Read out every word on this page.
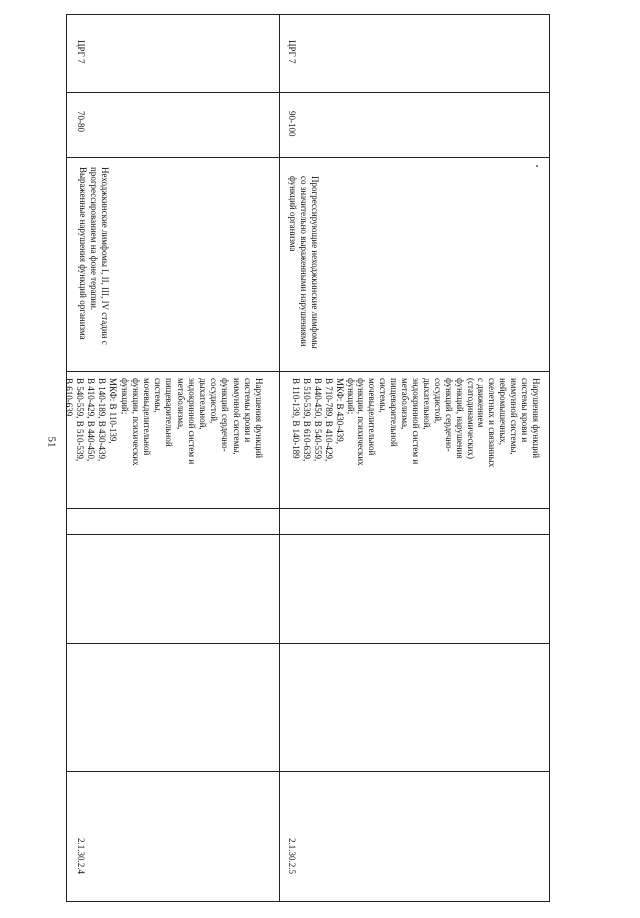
51
ЦРГ 7
70-80
Неходжкинские лимфомы I, II, III, IV стадии с
прогрессированием на фоне терапии.
Выраженные нарушения функций организма
Нарушения функций
системы крови и
иммунной системы,
функций сердечно-
сосудистой,
дыхательной,
эндокринной систем и
метаболизма,
пищеварительной
системы,
мочевыделительной
функции, психических
функций;
МКФ: В 110-139,
В 140-189, В 430-439,
В 410-429, В 440-450,
В 540-559, В 510-539,
В 610-639
2.1.30.2.4
ЦРГ 7
90-100
Прогрессирующие неходжкинские лимфомы
со значительно выраженными нарушениями
функций организма
Нарушения функций
системы крови и
иммунной системы,
нейромышечных,
скелетных и связанных
с движением
(статодинамических)
функций, нарушения
функций сердечно-
сосудистой,
дыхательной,
эндокринной систем и
метаболизма,
пищеварительной
системы,
мочевыделительной
функции, психических
функций;
МКФ: В 430-439,
В 710-789, В 410-429,
В 440-450, В 540-559,
В 510-539, В 610-639,
В 110-139, В 140-189
2.1.30.2.5
